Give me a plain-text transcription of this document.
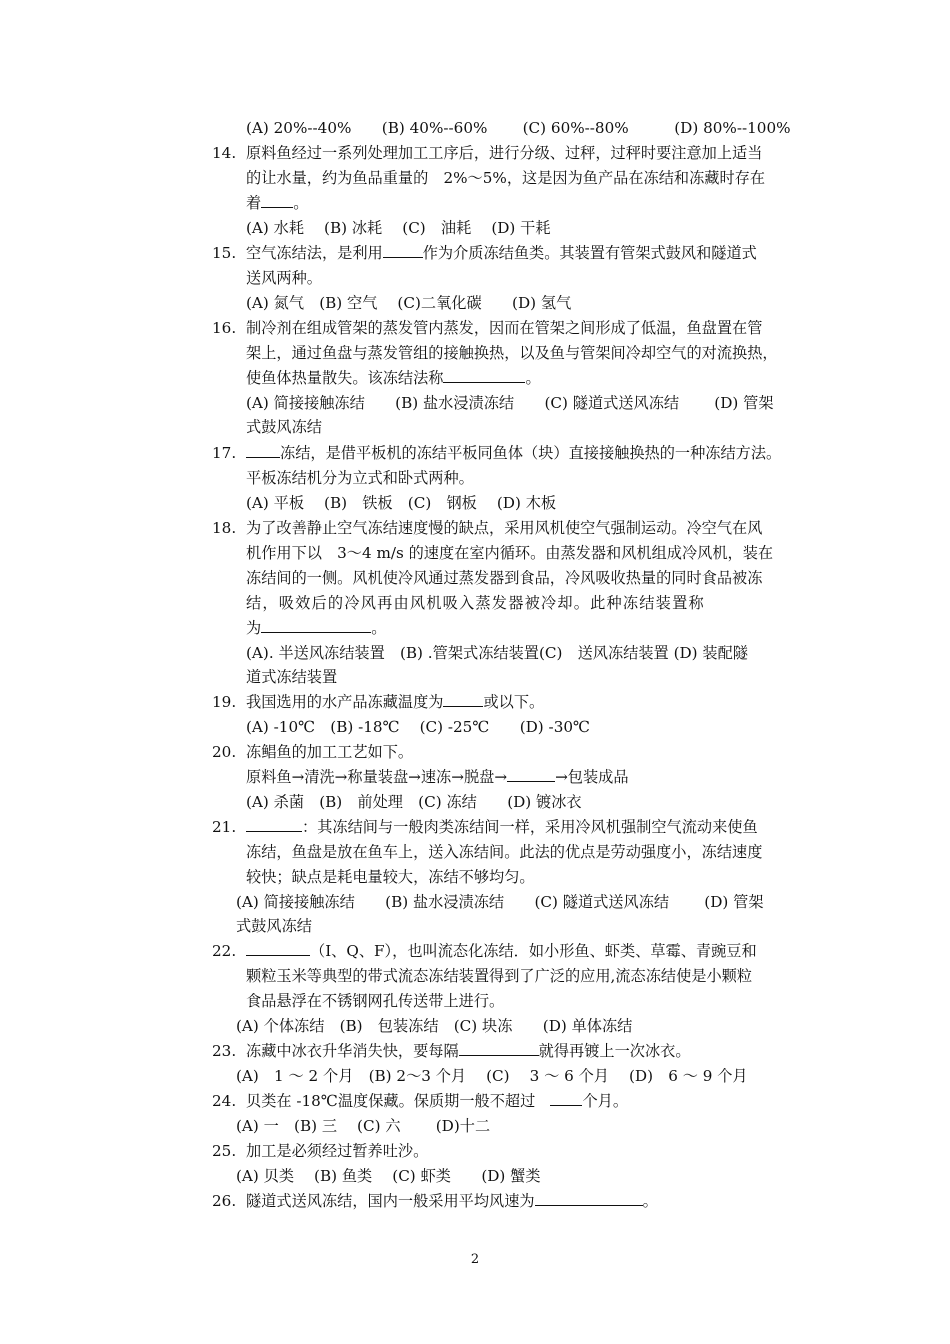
(A) 20%--40%　　(B) 40%--60%　　 (C) 60%--80%　　　(D) 80%--100%
14. 原料鱼经过一系列处理加工工序后，进行分级、过秤，过秤时要注意加上适当
的让水量，约为鱼品重量的　2%～5%，这是因为鱼产品在冻结和冻藏时存在
着 。
(A) 水耗　 (B) 冰耗　 (C)　油耗　 (D) 干耗
15. 空气冻结法，是利用	作为介质冻结鱼类。其装置有管架式鼓风和隧道式
送风两种。
(A) 氮气　(B) 空气　 (C)二氧化碳　　(D) 氢气
16. 制冷剂在组成管架的蒸发管内蒸发，因而在管架之间形成了低温，鱼盘置在管
架上，通过鱼盘与蒸发管组的接触换热，以及鱼与管架间冷却空气的对流换热，
使鱼体热量散失。该冻结法称	。
(A) 简接接触冻结　　(B) 盐水浸渍冻结　　(C) 隧道式送风冻结　　 (D) 管架
式鼓风冻结
17.	冻结，是借平板机的冻结平板同鱼体（块）直接接触换热的一种冻结方法。
平板冻结机分为立式和卧式两种。
(A) 平板　 (B)　铁板　(C)　钢板　 (D) 木板
18. 为了改善静止空气冻结速度慢的缺点，采用风机使空气强制运动。冷空气在风
机作用下以　3～4 m/s 的速度在室内循环。由蒸发器和风机组成冷风机，装在
冻结间的一侧。风机使冷风通过蒸发器到食品，冷风吸收热量的同时食品被冻
结，吸效后的冷风再由风机吸入蒸发器被冷却。此种冻结装置称
为	。
(A). 半送风冻结装置　(B) .管架式冻结装置(C)　送风冻结装置 (D) 装配隧
道式冻结装置
19. 我国选用的水产品冻藏温度为	或以下。
(A) -10℃　(B) -18℃　 (C) -25℃　　(D) -30℃
20. 冻鲳鱼的加工工艺如下。
原料鱼→清洗→称量装盘→速冻→脱盘→	→包装成品
(A) 杀菌　(B)　前处理　(C) 冻结　　(D) 镀冰衣
21.	：其冻结间与一般肉类冻结间一样，采用冷风机强制空气流动来使鱼
冻结，鱼盘是放在鱼车上，送入冻结间。此法的优点是劳动强度小，冻结速度
较快；缺点是耗电量较大，冻结不够均匀。
(A) 简接接触冻结　　(B) 盐水浸渍冻结　　(C) 隧道式送风冻结　　 (D) 管架
式鼓风冻结
22.	（I、Q、F），也叫流态化冻结．如小形鱼、虾类、草霉、青豌豆和
颗粒玉米等典型的带式流态冻结装置得到了广泛的应用,流态冻结使是小颗粒
食品悬浮在不锈钢网孔传送带上进行。
(A) 个体冻结　(B)　包装冻结　(C) 块冻　　(D) 单体冻结
23. 冻藏中冰衣升华消失快，要每隔	就得再镀上一次冰衣。
(A)　1 ～ 2 个月　(B) 2～3 个月　 (C)　 3 ～ 6 个月　 (D)　6 ～ 9 个月
24. 贝类在 -18℃温度保藏。保质期一般不超过　个月。
(A) 一　(B) 三　 (C) 六　　 (D)十二
25. 加工是必须经过暂养吐沙。
(A) 贝类　 (B) 鱼类　 (C) 虾类　　(D) 蟹类
26. 隧道式送风冻结，国内一般采用平均风速为	。
2
